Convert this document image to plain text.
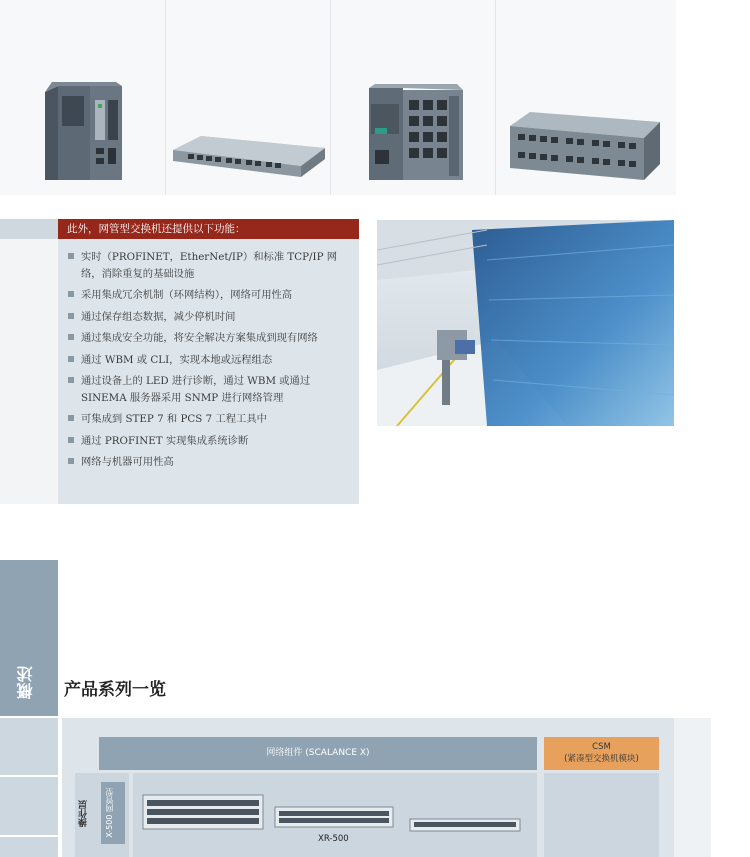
此外，网管型交换机还提供以下功能：
实时（PROFINET，EtherNet/IP）和标准 TCP/IP 网络，消除重复的基础设施
采用集成冗余机制（环网结构），网络可用性高
通过保存组态数据，减少停机时间
通过集成安全功能，将安全解决方案集成到现有网络
通过 WBM 或 CLI，实现本地或远程组态
通过设备上的 LED 进行诊断，通过 WBM 或通过 SINEMA 服务器采用 SNMP 进行网络管理
可集成到 STEP 7 和 PCS 7 工程工具中
通过 PROFINET 实现集成系统诊断
网络与机器可用性高
概述 产品系列一览
网络组件 (SCALANCE X)
CSM
(紧凑型交换机模块)
操作层	X-500 网管型
XR-500
